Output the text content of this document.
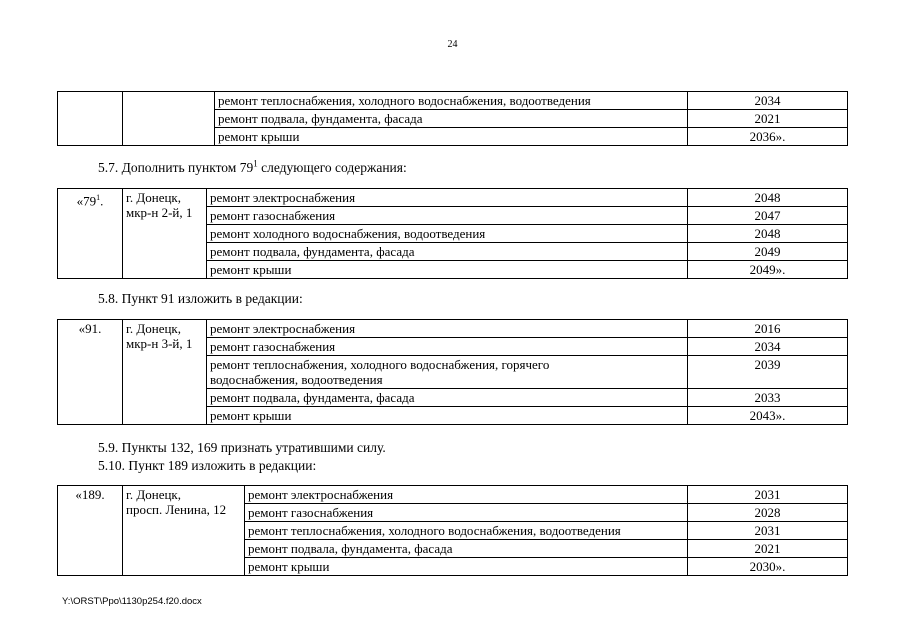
24
		ремонт теплоснабжения, холодного водоснабжения, водоотведения	2034
		ремонт подвала, фундамента, фасада	2021
		ремонт крыши	2036».
5.7. Дополнить пунктом $79^1$ следующего содержания:
«$79^1$.	г. Донецк,
мкр-н 2-й, 1	ремонт электроснабжения	2048
		ремонт газоснабжения	2047
		ремонт холодного водоснабжения, водоотведения	2048
		ремонт подвала, фундамента, фасада	2049
		ремонт крыши	2049».
5.8. Пункт 91 изложить в редакции:
«91.	г. Донецк,
мкр-н 3-й, 1	ремонт электроснабжения	2016
		ремонт газоснабжения	2034
		ремонт теплоснабжения, холодного водоснабжения, горячего
водоснабжения, водоотведения	2039
		ремонт подвала, фундамента, фасада	2033
		ремонт крыши	2043».
5.9. Пункты 132, 169 признать утратившими силу.
5.10. Пункт 189 изложить в редакции:
«189.	г. Донецк,
просп. Ленина, 12	ремонт электроснабжения	2031
		ремонт газоснабжения	2028
		ремонт теплоснабжения, холодного водоснабжения, водоотведения	2031
		ремонт подвала, фундамента, фасада	2021
		ремонт крыши	2030».
Y:\ORST\Ppo\1130p254.f20.docx
